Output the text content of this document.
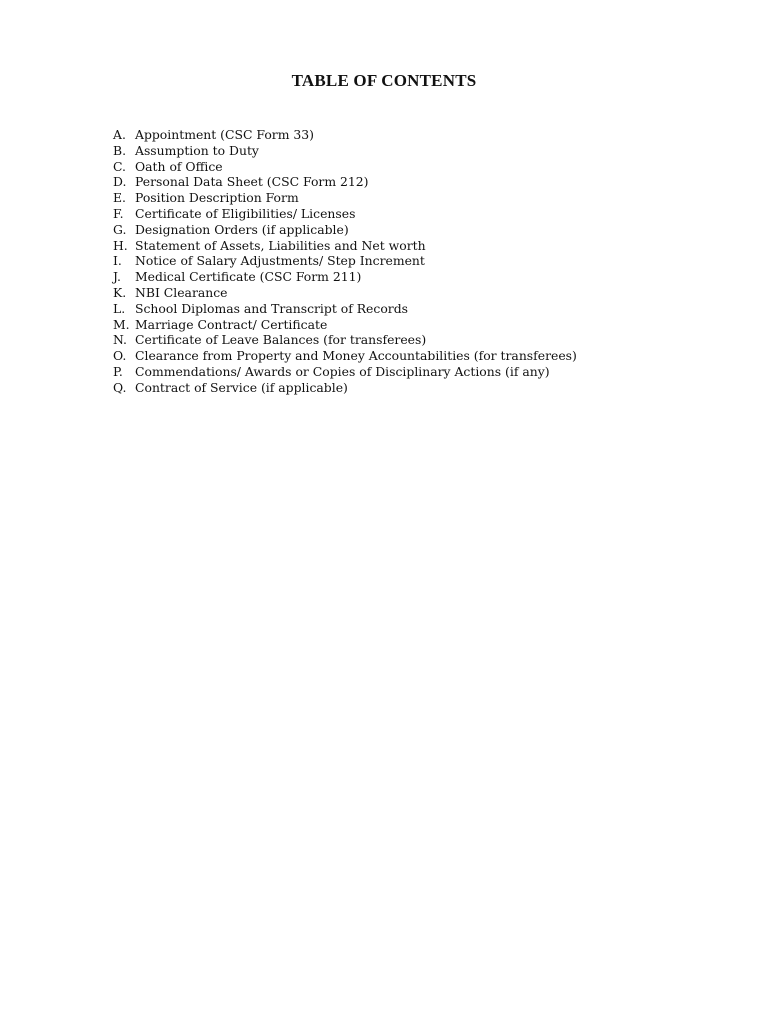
TABLE OF CONTENTS
A. Appointment (CSC Form 33)
B. Assumption to Duty
C. Oath of Office
D. Personal Data Sheet (CSC Form 212)
E. Position Description Form
F. Certificate of Eligibilities/ Licenses
G. Designation Orders (if applicable)
H. Statement of Assets, Liabilities and Net worth
I.	Notice of Salary Adjustments/ Step Increment
J.	Medical Certificate (CSC Form 211)
K. NBI Clearance
L. School Diplomas and Transcript of Records
M. Marriage Contract/ Certificate
N. Certificate of Leave Balances (for transferees)
O. Clearance from Property and Money Accountabilities (for transferees)
P. Commendations/ Awards or Copies of Disciplinary Actions (if any)
Q. Contract of Service (if applicable)
